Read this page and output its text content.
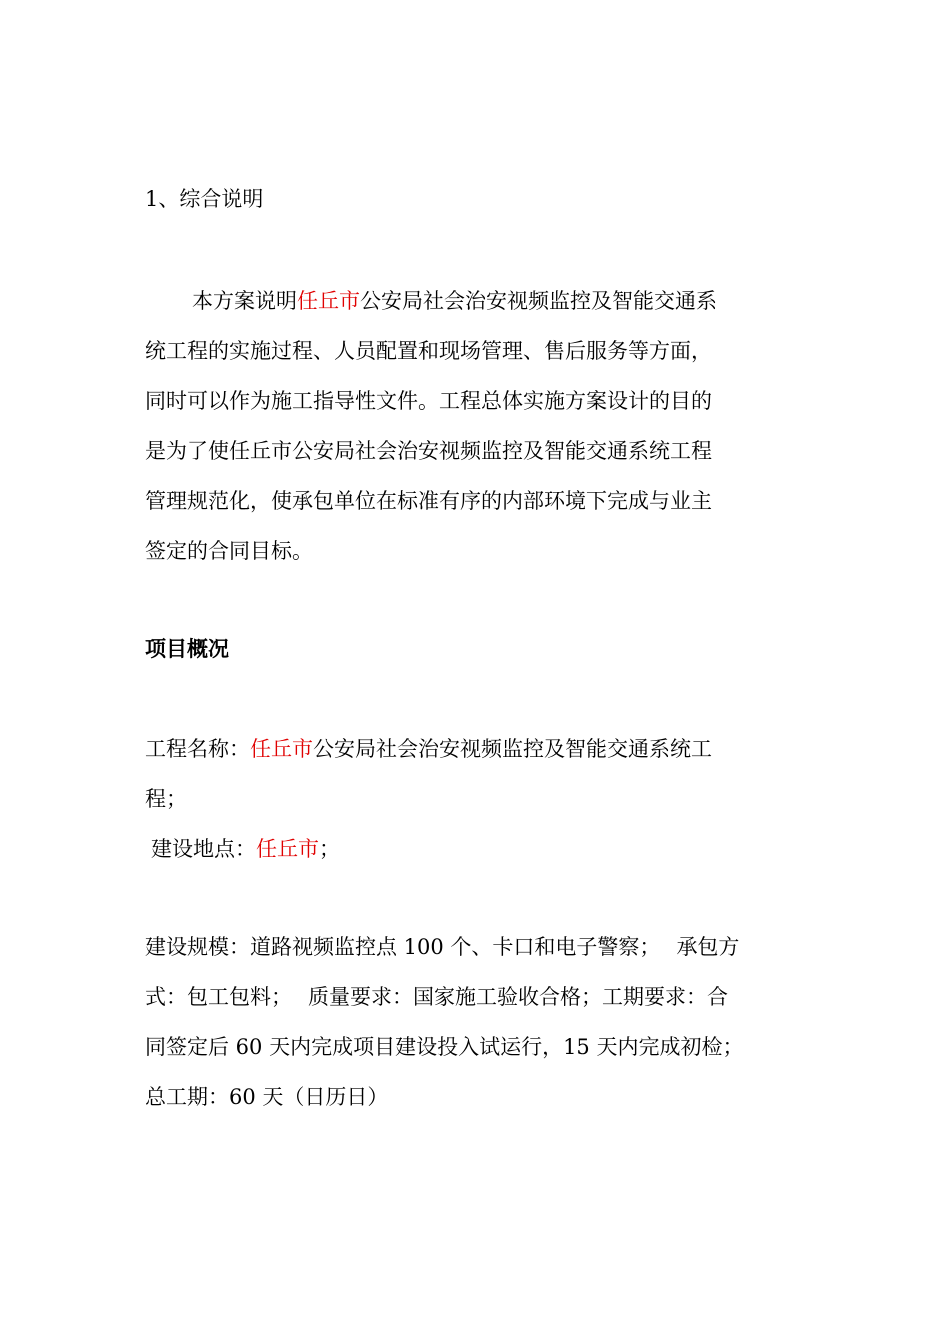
1、综合说明
本方案说明任丘市公安局社会治安视频监控及智能交通系
统工程的实施过程、人员配置和现场管理、售后服务等方面，
同时可以作为施工指导性文件。工程总体实施方案设计的目的
是为了使任丘市公安局社会治安视频监控及智能交通系统工程
管理规范化，使承包单位在标准有序的内部环境下完成与业主
签定的合同目标。
项目概况
工程名称：任丘市公安局社会治安视频监控及智能交通系统工
程；
建设地点：任丘市；
建设规模：道路视频监控点 100 个、卡口和电子警察； 承包方
式：包工包料； 质量要求：国家施工验收合格；工期要求：合
同签定后 60 天内完成项目建设投入试运行，15 天内完成初检；
总工期：60 天（日历日）
